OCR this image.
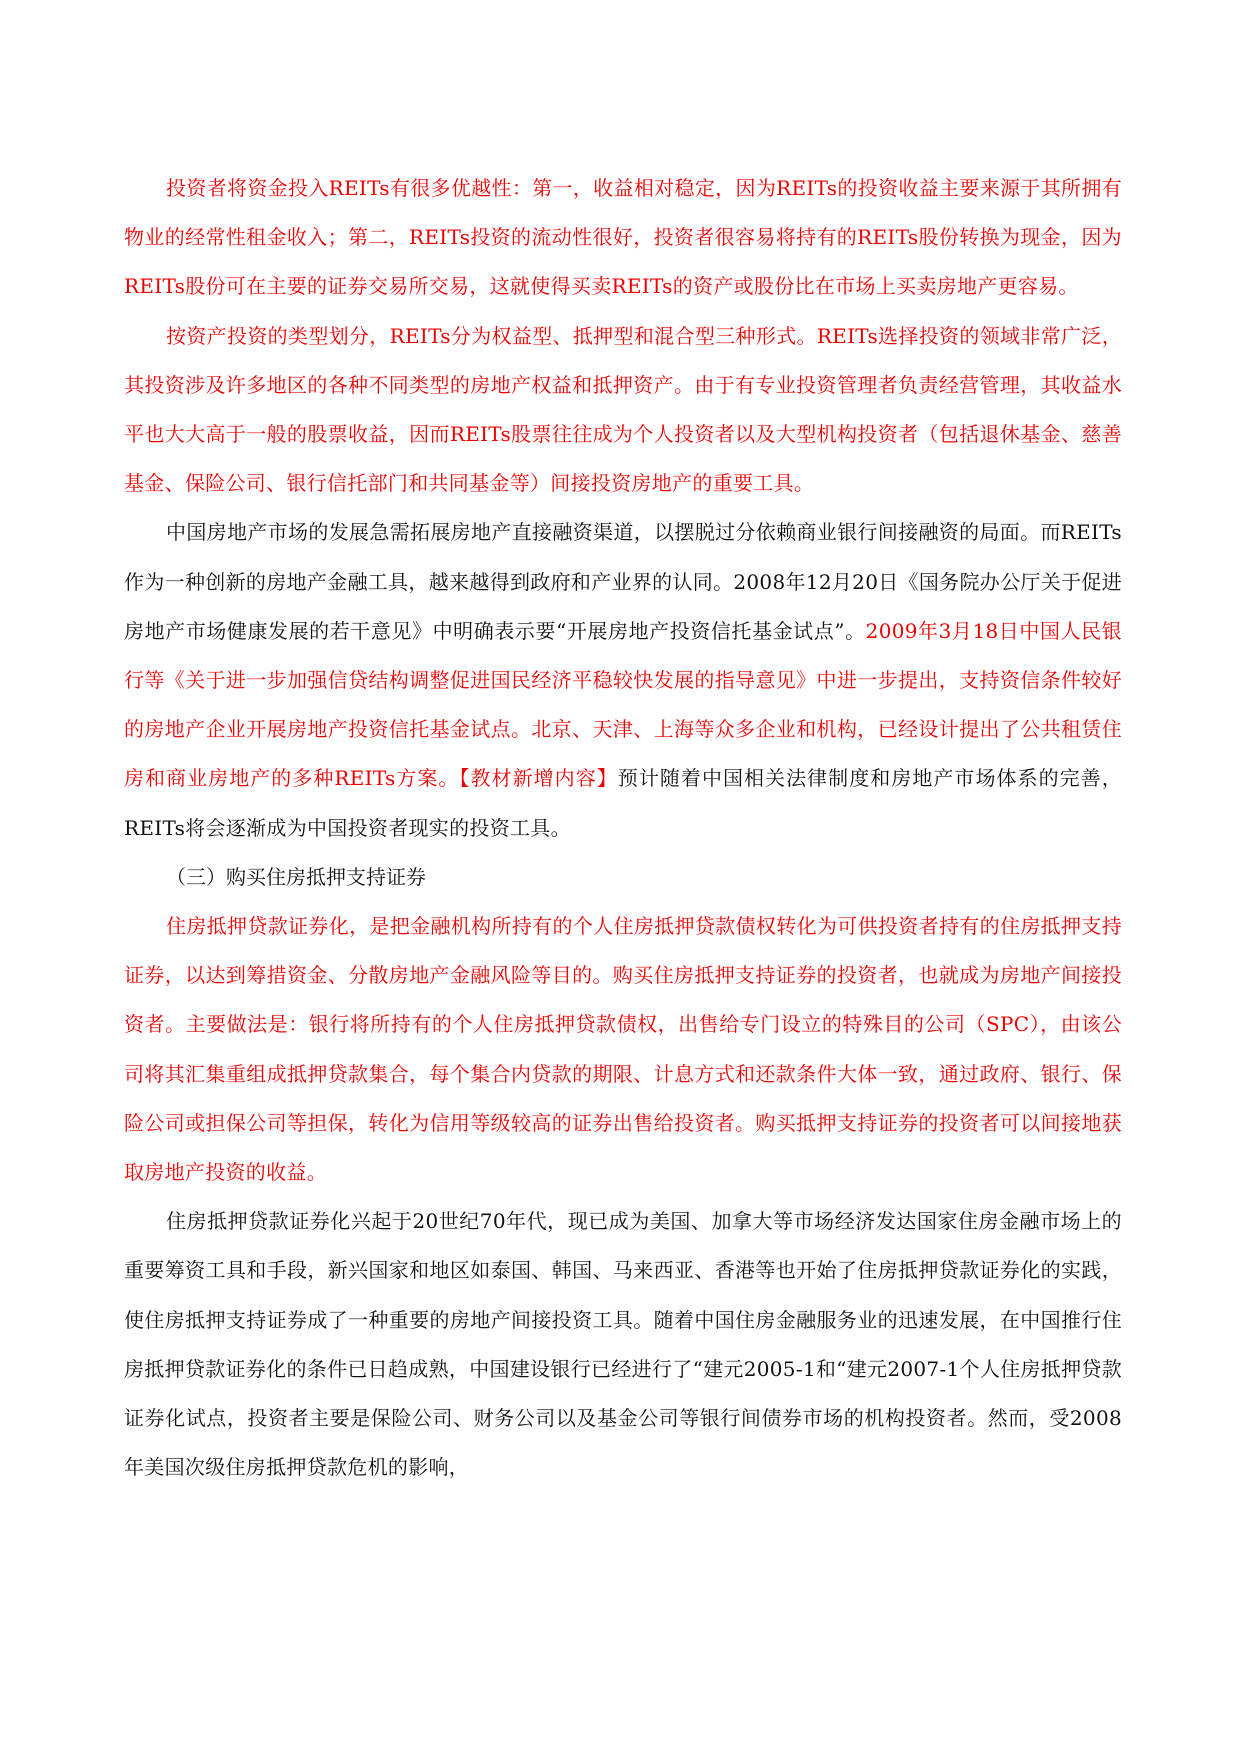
投资者将资金投入REITs有很多优越性：第一，收益相对稳定，因为REITs的投资收益主要来源于其所拥有物业的经常性租金收入；第二，REITs投资的流动性很好，投资者很容易将持有的REITs股份转换为现金，因为REITs股份可在主要的证券交易所交易，这就使得买卖REITs的资产或股份比在市场上买卖房地产更容易。

按资产投资的类型划分，REITs分为权益型、抵押型和混合型三种形式。REITs选择投资的领域非常广泛，其投资涉及许多地区的各种不同类型的房地产权益和抵押资产。由于有专业投资管理者负责经营管理，其收益水平也大大高于一般的股票收益，因而REITs股票往往成为个人投资者以及大型机构投资者（包括退休基金、慈善基金、保险公司、银行信托部门和共同基金等）间接投资房地产的重要工具。

中国房地产市场的发展急需拓展房地产直接融资渠道，以摆脱过分依赖商业银行间接融资的局面。而REITs作为一种创新的房地产金融工具，越来越得到政府和产业界的认同。2008年12月20日《国务院办公厅关于促进房地产市场健康发展的若干意见》中明确表示要“开展房地产投资信托基金试点”。2009年3月18日中国人民银行等《关于进一步加强信贷结构调整促进国民经济平稳较快发展的指导意见》中进一步提出，支持资信条件较好的房地产企业开展房地产投资信托基金试点。北京、天津、上海等众多企业和机构，已经设计提出了公共租赁住房和商业房地产的多种REITs方案。【教材新增内容】预计随着中国相关法律制度和房地产市场体系的完善，REITs将会逐渐成为中国投资者现实的投资工具。

（三）购买住房抵押支持证券

住房抵押贷款证券化，是把金融机构所持有的个人住房抵押贷款债权转化为可供投资者持有的住房抵押支持证券，以达到筹措资金、分散房地产金融风险等目的。购买住房抵押支持证券的投资者，也就成为房地产间接投资者。主要做法是：银行将所持有的个人住房抵押贷款债权，出售给专门设立的特殊目的公司（SPC），由该公司将其汇集重组成抵押贷款集合，每个集合内贷款的期限、计息方式和还款条件大体一致，通过政府、银行、保险公司或担保公司等担保，转化为信用等级较高的证券出售给投资者。购买抵押支持证券的投资者可以间接地获取房地产投资的收益。

住房抵押贷款证券化兴起于20世纪70年代，现已成为美国、加拿大等市场经济发达国家住房金融市场上的重要筹资工具和手段，新兴国家和地区如泰国、韩国、马来西亚、香港等也开始了住房抵押贷款证券化的实践，使住房抵押支持证券成了一种重要的房地产间接投资工具。随着中国住房金融服务业的迅速发展，在中国推行住房抵押贷款证券化的条件已日趋成熟，中国建设银行已经进行了“建元2005-1和“建元2007-1个人住房抵押贷款证券化试点，投资者主要是保险公司、财务公司以及基金公司等银行间债券市场的机构投资者。然而，受2008年美国次级住房抵押贷款危机的影响，
